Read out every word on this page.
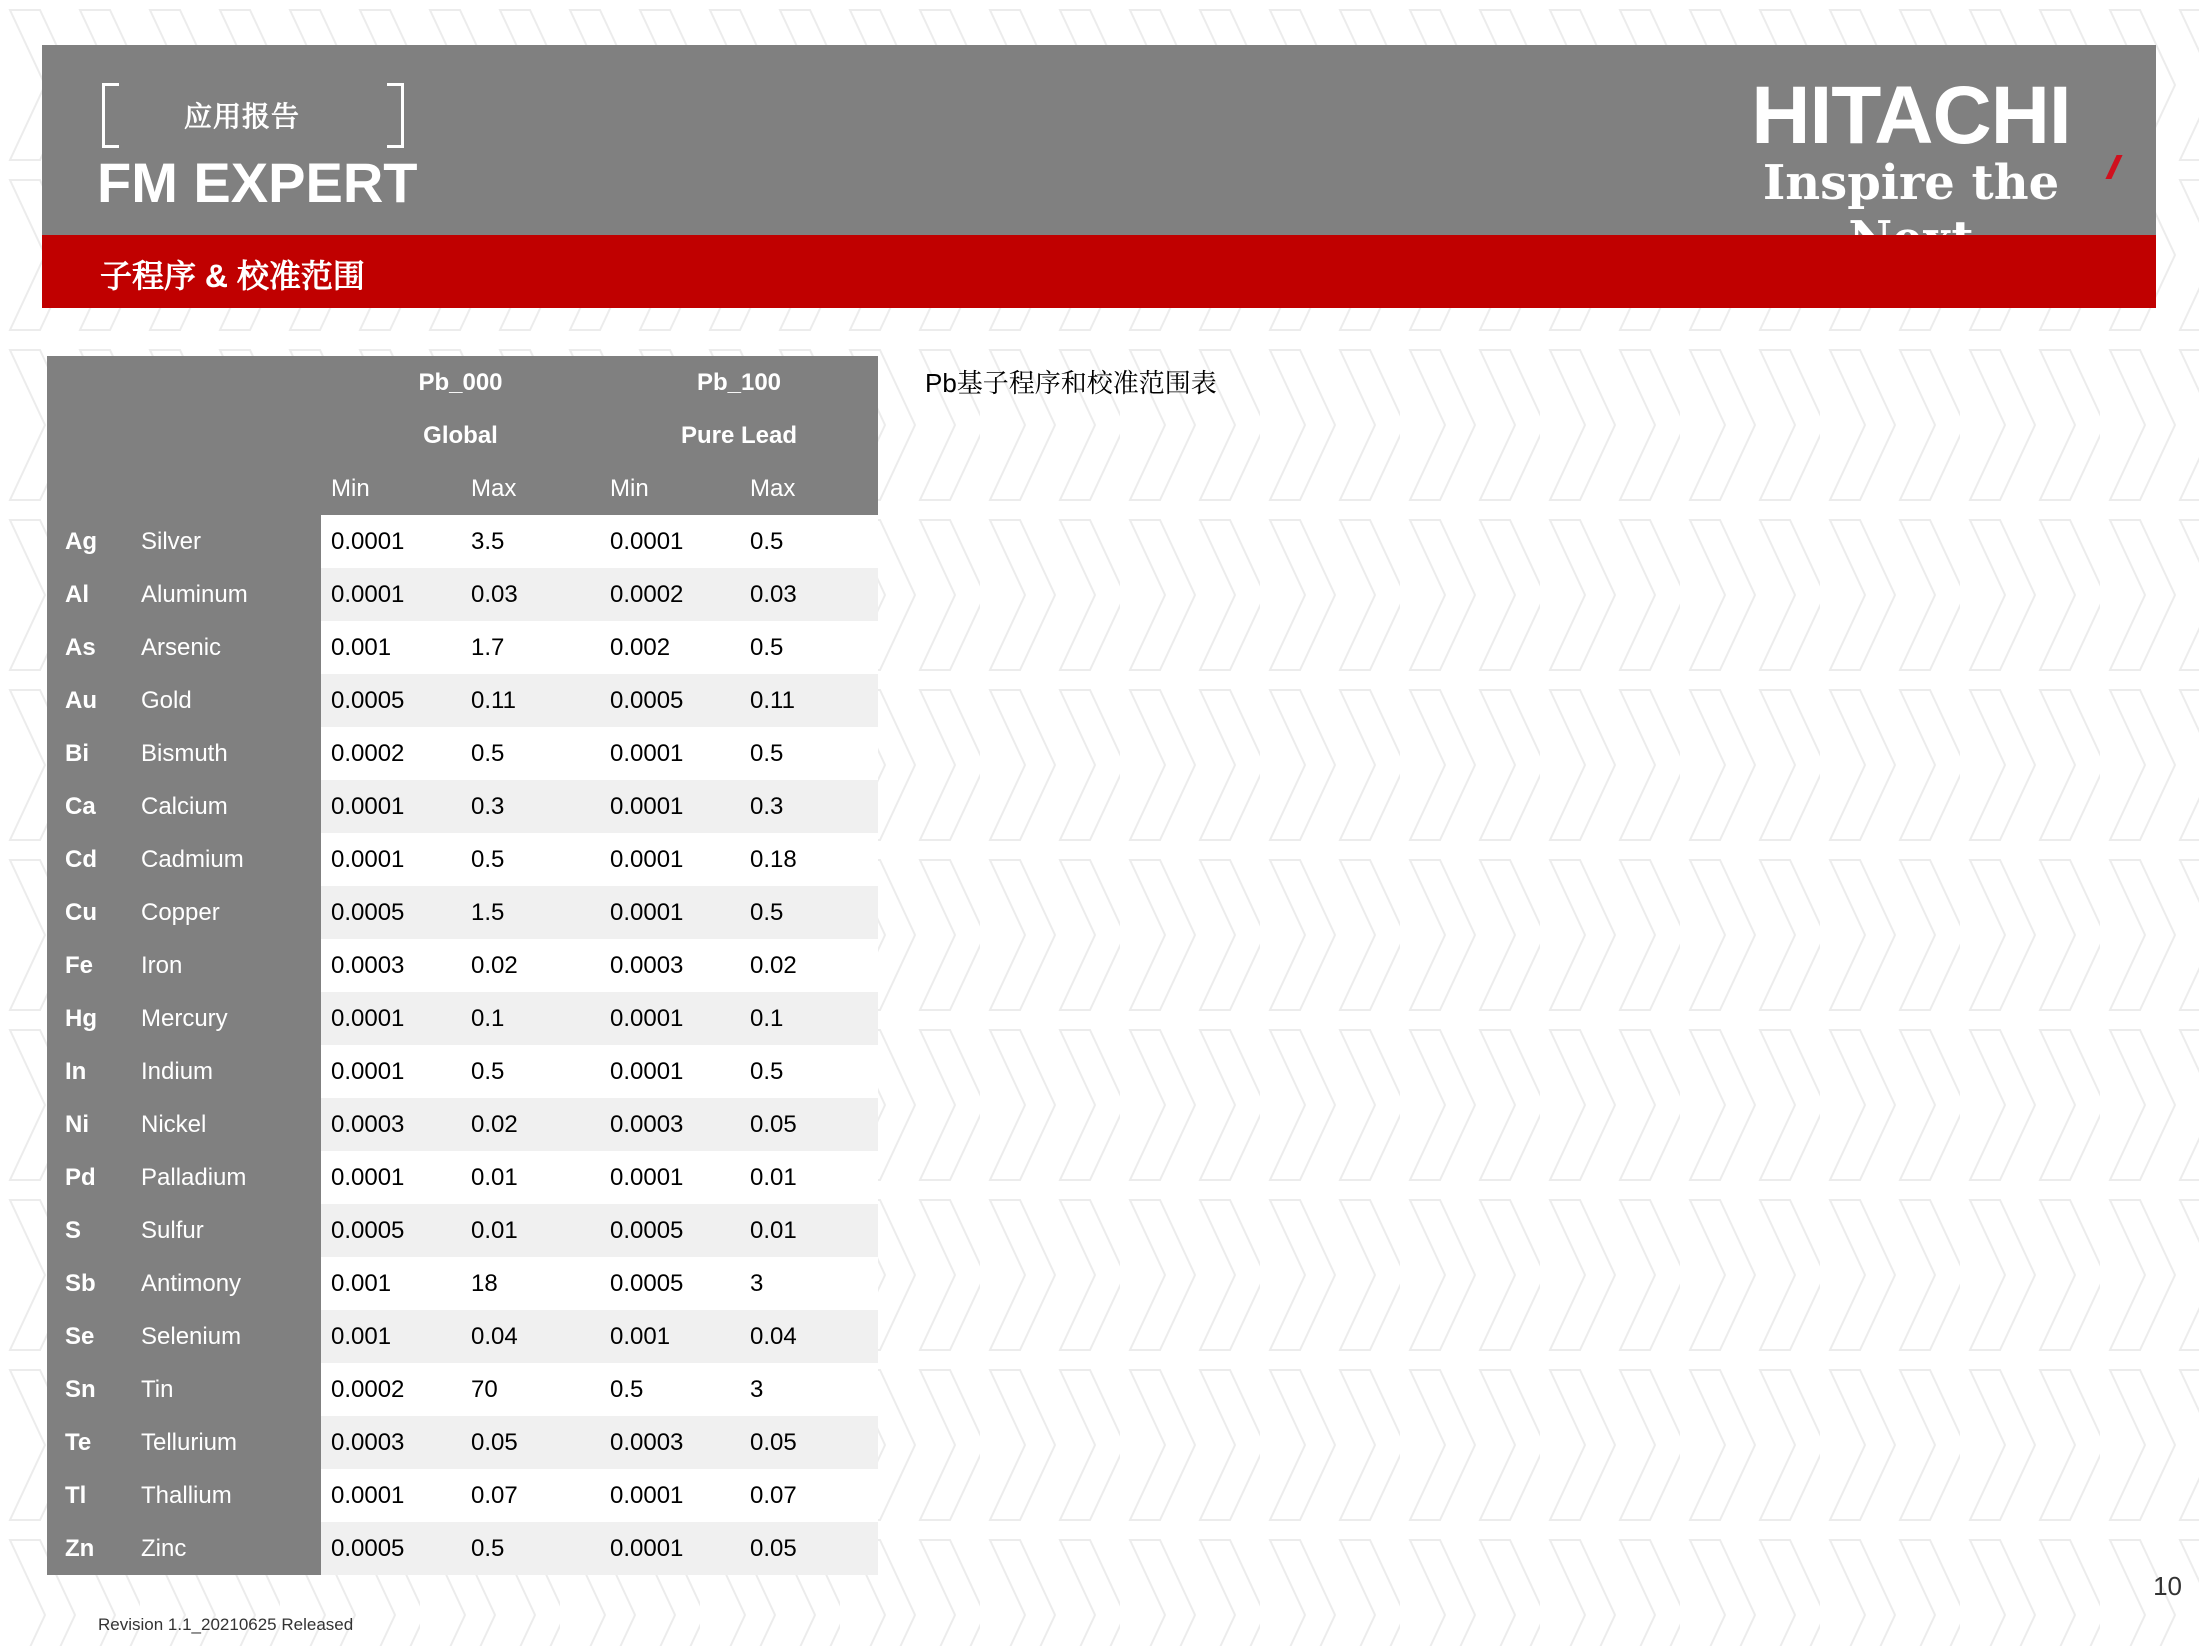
应用报告
FM EXPERT
HITACHI
Inspire the
子程序 & 校准范围
Pb基子程序和校准范围表
		Pb_000		Pb_100	
		Global		Pure Lead	
		Min	Max	Min	Max
Ag	Silver	0.0001	3.5	0.0001	0.5
Al	Aluminum	0.0001	0.03	0.0002	0.03
As	Arsenic	0.001	1.7	0.002	0.5
Au	Gold	0.0005	0.11	0.0005	0.11
Bi	Bismuth	0.0002	0.5	0.0001	0.5
Ca	Calcium	0.0001	0.3	0.0001	0.3
Cd	Cadmium	0.0001	0.5	0.0001	0.18
Cu	Copper	0.0005	1.5	0.0001	0.5
Fe	Iron	0.0003	0.02	0.0003	0.02
Hg	Mercury	0.0001	0.1	0.0001	0.1
In	Indium	0.0001	0.5	0.0001	0.5
Ni	Nickel	0.0003	0.02	0.0003	0.05
Pd	Palladium	0.0001	0.01	0.0001	0.01
S	Sulfur	0.0005	0.01	0.0005	0.01
Sb	Antimony	0.001	18	0.0005	3
Se	Selenium	0.001	0.04	0.001	0.04
Sn	Tin	0.0002	70	0.5	3
Te	Tellurium	0.0003	0.05	0.0003	0.05
Tl	Thallium	0.0001	0.07	0.0001	0.07
Zn	Zinc	0.0005	0.5	0.0001	0.05
10
Revision 1.1_20210625 Released
